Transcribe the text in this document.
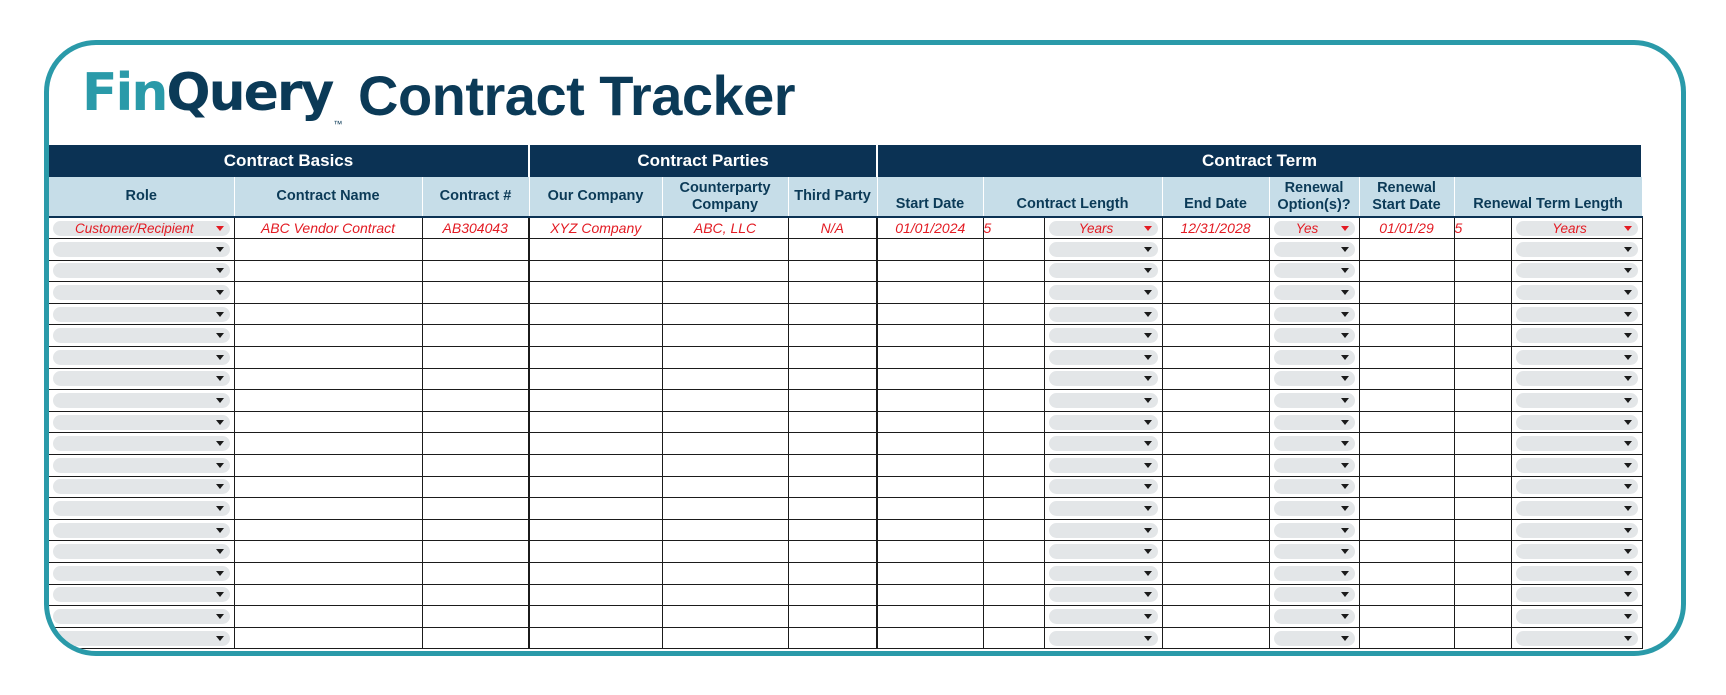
Fin Query
™ Contract Tracker
Contract Basics			Contract Parties			Contract Term							
Role	Contract Name	Contract #	Our Company	Counterparty Company	Third Party	Start Date	Contract Length		End Date	Renewal Option(s)?	Renewal Start Date	Renewal Term Length	

Customer/Recipient	ABC Vendor Contract	AB304043	XYZ Company	ABC, LLC	N/A	01/01/2024	5	Years	12/31/2028	Yes	01/01/29	5	Years
